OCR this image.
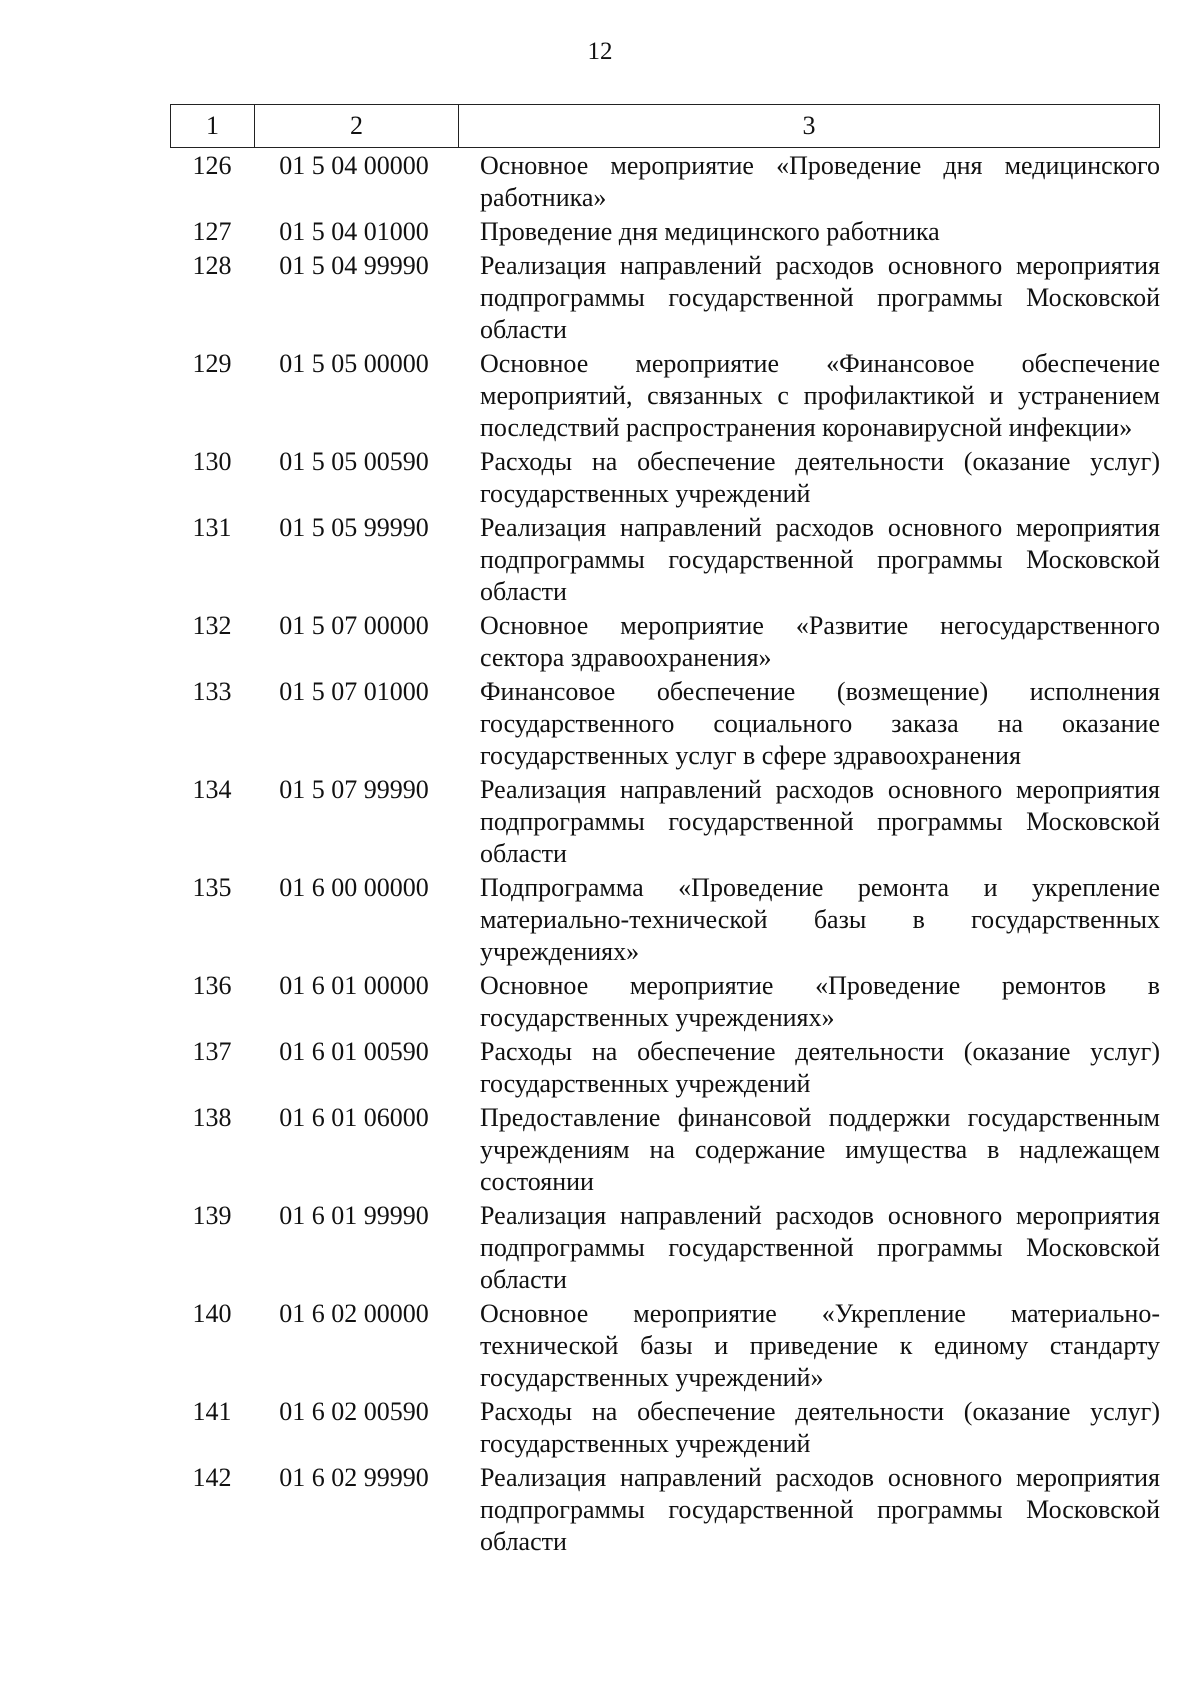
12
1	2	3
126	01 5 04 00000	Основное мероприятие «Проведение дня медицинского работника»
127	01 5 04 01000	Проведение дня медицинского работника
128	01 5 04 99990	Реализация направлений расходов основного мероприятия подпрограммы государственной программы Московской области
129	01 5 05 00000	Основное мероприятие «Финансовое обеспечение мероприятий, связанных с профилактикой и устранением последствий распространения коронавирусной инфекции»
130	01 5 05 00590	Расходы на обеспечение деятельности (оказание услуг) государственных учреждений
131	01 5 05 99990	Реализация направлений расходов основного мероприятия подпрограммы государственной программы Московской области
132	01 5 07 00000	Основное мероприятие «Развитие негосударственного сектора здравоохранения»
133	01 5 07 01000	Финансовое обеспечение (возмещение) исполнения государственного социального заказа на оказание государственных услуг в сфере здравоохранения
134	01 5 07 99990	Реализация направлений расходов основного мероприятия подпрограммы государственной программы Московской области
135	01 6 00 00000	Подпрограмма «Проведение ремонта и укрепление материально-технической базы в государственных учреждениях»
136	01 6 01 00000	Основное мероприятие «Проведение ремонтов в государственных учреждениях»
137	01 6 01 00590	Расходы на обеспечение деятельности (оказание услуг) государственных учреждений
138	01 6 01 06000	Предоставление финансовой поддержки государственным учреждениям на содержание имущества в надлежащем состоянии
139	01 6 01 99990	Реализация направлений расходов основного мероприятия подпрограммы государственной программы Московской области
140	01 6 02 00000	Основное мероприятие «Укрепление материально-технической базы и приведение к единому стандарту государственных учреждений»
141	01 6 02 00590	Расходы на обеспечение деятельности (оказание услуг) государственных учреждений
142	01 6 02 99990	Реализация направлений расходов основного мероприятия подпрограммы государственной программы Московской области
